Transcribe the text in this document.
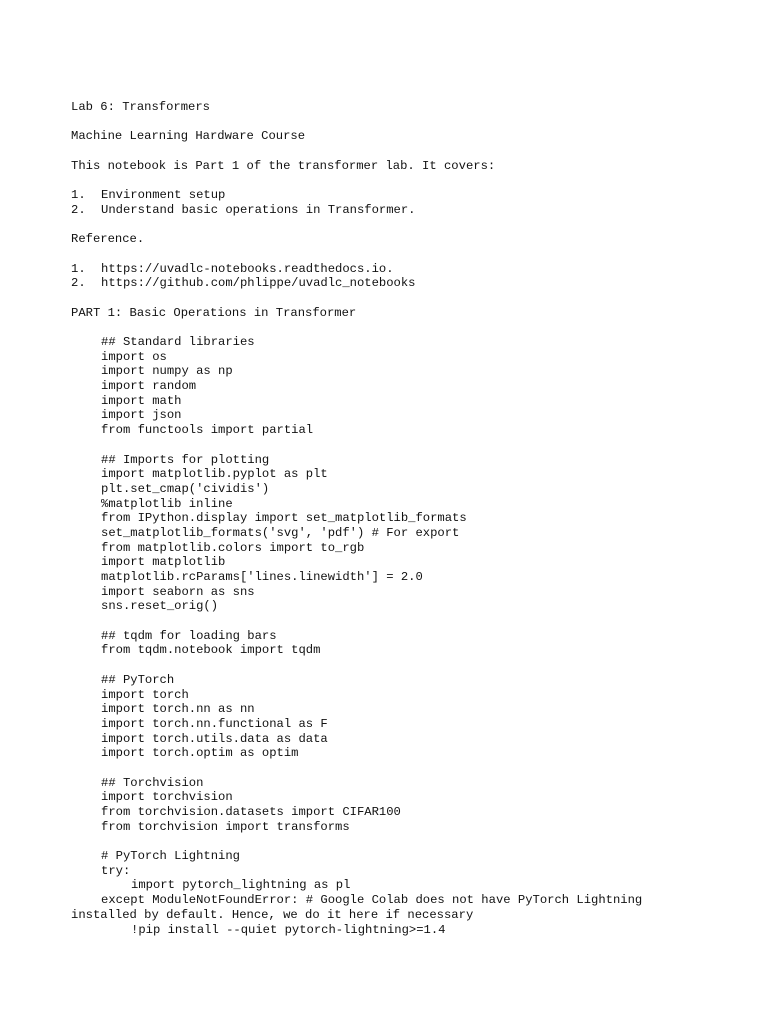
Lab 6: Transformers
Machine Learning Hardware Course
This notebook is Part 1 of the transformer lab. It covers:
1.	Environment setup
2.	Understand basic operations in Transformer.
Reference.
1.	https://uvadlc-notebooks.readthedocs.io.
2.	https://github.com/phlippe/uvadlc_notebooks
PART 1: Basic Operations in Transformer
## Standard libraries
import os
import numpy as np
import random
import math
import json
from functools import partial
## Imports for plotting
import matplotlib.pyplot as plt
plt.set_cmap('cividis')
%matplotlib inline
from IPython.display import set_matplotlib_formats
set_matplotlib_formats('svg', 'pdf') # For export
from matplotlib.colors import to_rgb
import matplotlib
matplotlib.rcParams['lines.linewidth'] = 2.0
import seaborn as sns
sns.reset_orig()
## tqdm for loading bars
from tqdm.notebook import tqdm
## PyTorch
import torch
import torch.nn as nn
import torch.nn.functional as F
import torch.utils.data as data
import torch.optim as optim
## Torchvision
import torchvision
from torchvision.datasets import CIFAR100
from torchvision import transforms
# PyTorch Lightning
try:
import pytorch_lightning as pl
except ModuleNotFoundError: # Google Colab does not have PyTorch Lightning
installed by default. Hence, we do it here if necessary
!pip install --quiet pytorch-lightning>=1.4
